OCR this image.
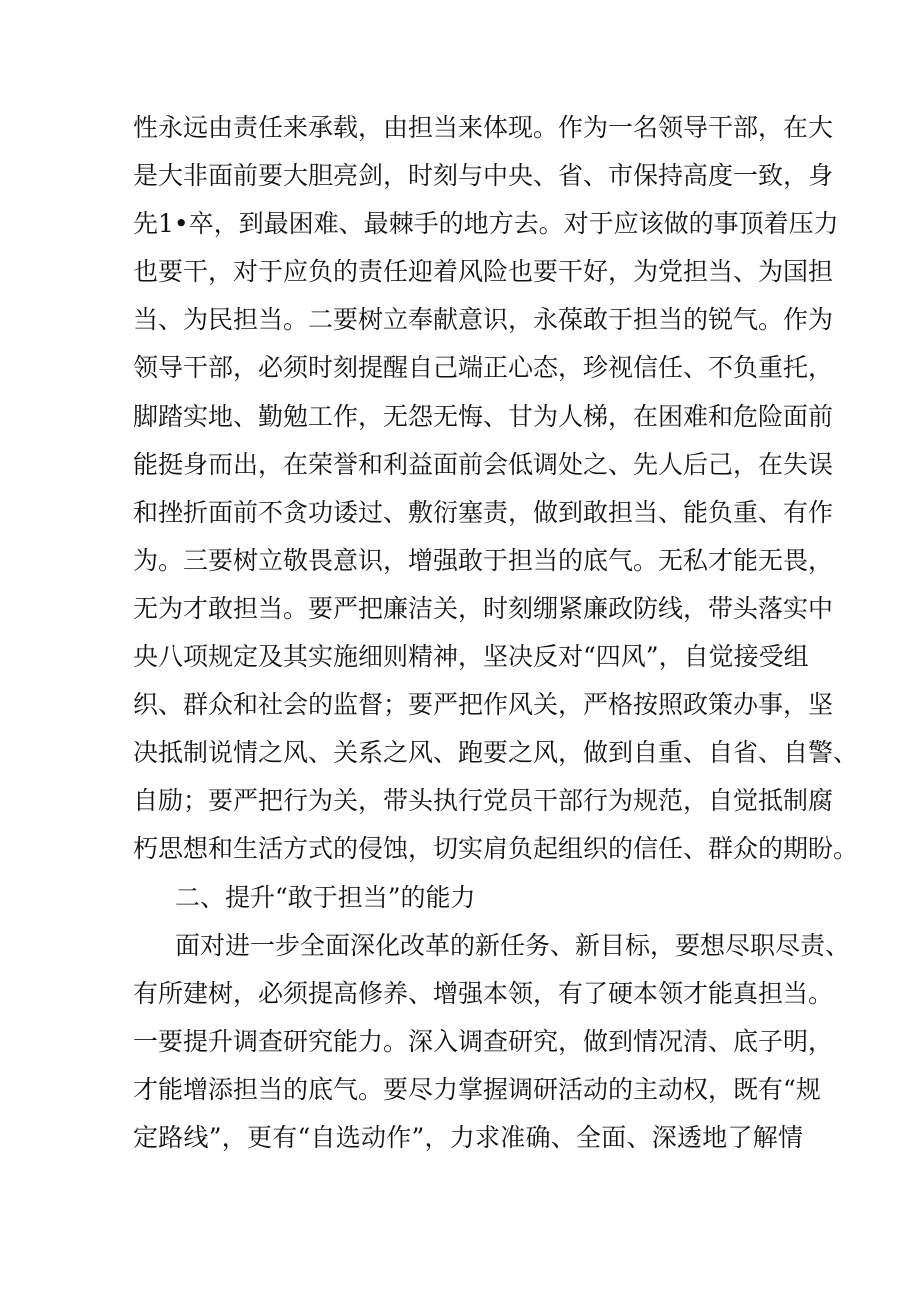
性永远由责任来承载，由担当来体现。作为一名领导干部，在大
是大非面前要大胆亮剑，时刻与中央、省、市保持高度一致，身
先1•卒，到最困难、最棘手的地方去。对于应该做的事顶着压力
也要干，对于应负的责任迎着风险也要干好，为党担当、为国担
当、为民担当。二要树立奉献意识，永葆敢于担当的锐气。作为
领导干部，必须时刻提醒自己端正心态，珍视信任、不负重托，
脚踏实地、勤勉工作，无怨无悔、甘为人梯，在困难和危险面前
能挺身而出，在荣誉和利益面前会低调处之、先人后己，在失误
和挫折面前不贪功诿过、敷衍塞责，做到敢担当、能负重、有作
为。三要树立敬畏意识，增强敢于担当的底气。无私才能无畏，
无为才敢担当。要严把廉洁关，时刻绷紧廉政防线，带头落实中
央八项规定及其实施细则精神，坚决反对“四风”，自觉接受组
织、群众和社会的监督；要严把作风关，严格按照政策办事，坚
决抵制说情之风、关系之风、跑要之风，做到自重、自省、自警、
自励；要严把行为关，带头执行党员干部行为规范，自觉抵制腐
朽思想和生活方式的侵蚀，切实肩负起组织的信任、群众的期盼。
二、提升“敢于担当”的能力
面对进一步全面深化改革的新任务、新目标，要想尽职尽责、
有所建树，必须提高修养、增强本领，有了硬本领才能真担当。
一要提升调查研究能力。深入调查研究，做到情况清、底子明，
才能增添担当的底气。要尽力掌握调研活动的主动权，既有“规
定路线”，更有“自选动作”，力求准确、全面、深透地了解情
